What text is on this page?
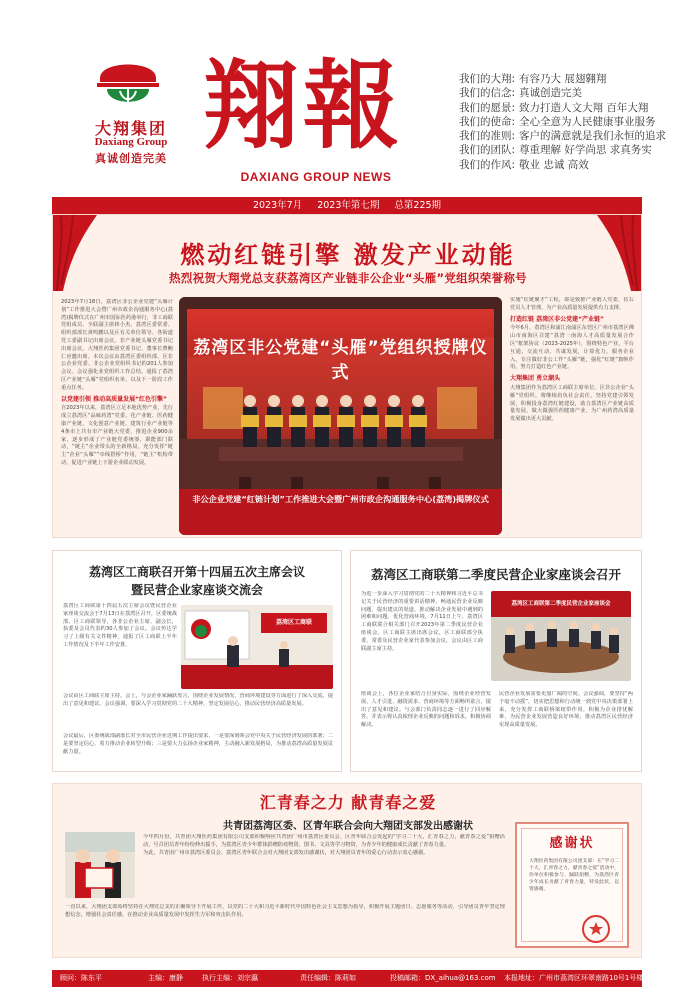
大翔集团
Daxiang Group
真诚创造完美 翔報
DAXIANG GROUP NEWS
我们的大翔: 有容乃大 展翅翱翔
我们的信念: 真诚创造完美
我们的愿景: 致力打造人文大翔 百年大翔
我们的使命: 全心全意为人民健康事业服务
我们的准则: 客户的满意就是我们永恒的追求
我们的团队: 尊重理解 好学尚思 求真务实
我们的作风: 敬业 忠诚 高效
2023年7月 2023年第七期 总第225期
燃动红链引擎 激发产业动能
热烈祝贺大翔党总支获荔湾区产业链非公企业“头雁”党组织荣誉称号
2023年7月18日，荔湾区非公企业党建“头雁计划”工作推进大会暨广州市政企沟通服务中心(荔湾)揭牌仪式在广州市国际医药港举行，非工商联党组成员、全联副主席林小杰，荔湾区委常委、组织部部长黄鸣鹏以及区有关单位领导、各街道党工委副书记出席会议。非产业链头雁党委书记出席会议。大翔医药集团党委书记、董事长曹鲍仁应邀出席。本次会议由荔湾区委组织部、区非公企业党委、非公企业党组织书记约201人参加会议。会议强化业党组织工作总结，通报了荔湾区产业链“头雁”党组织名单，以及下一阶段工作重点任务。
以党建引领 推动高质量发展“红色引擎”
自2023年以来，荔湾区立足本地优势产业，先行成立荔湾区“品味药湾”党委、化产业链、医药健康产业链、文化创意产业链、建筑行业产业链等4条市上共有市产业链大党委，推进企业900余家，逐步形成了产业链党委统筹，职能部门联动，“链主”企业带头的全新格局，充分发挥“链主”企业“头雁”“牵线搭桥”作用，“链主”机构带动，促进产业链上下游企业联动发展。
荔湾区非公党建“头雁”党组织授牌仪式
非公企业党建“红链计划”工作推进大会暨广州市政企沟通服务中心(荔湾)揭牌仪式
实施“红链聚才”工程，即是致推产业链人党委、伍右党员人才管理，为产业高质量发展提供有力支撑。
打造红链 荔湾区非公党建“产业链”
今年6月，荔湾区和浦江南浦区东莞区广州市荔湾区佛山市南海区召建“荔湾一南海人才高质量发展合作区”框架协议（2023-2025年），围绕特色产业，平台互通，交流互动，共谋发展，计算优力，服务企业入，专注做好非公工作“头雁”链，强化“红链”旗帜作用，努力打造红色产业链。
大翔集团 勇立潮头
大翔集团作为荔湾区工商联主席单位、区非公企业“头雁”党组织，将继续肩负社会责任，坚持党建引领发展，积极投身荔湾红链建设，助力荔湾区产业链高质量发展，做大做强医药健康产业，为广州药湾高质量发展做出更大贡献。
荔湾区工商联召开第十四届五次主席会议
暨民营企业家座谈交流会
荔湾区工商联第十四届五次主席会议暨民营企业家座谈交流会于7月13日在荔湾区召开，区委统战部、区工商联领导，各非公企业主席、副会长，执委及会员代表约30人参加了会议。会议传达学习了上级有关文件精神，通报了区工商联上半年工作情况及下半年工作安排。
荔湾区工商联
会议由区工商联主席主持。会上，与会企业家踊跃发言，围绕企业发展情况、营商环境建设等方面进行了深入交流，提出了意见和建议。会议强调，要深入学习贯彻党的二十大精神，坚定发展信心，推动民营经济高质量发展。
会议最后，区委统战部副部长对全市民营企业近期工作提出要求，一是要深刻领会党中央关于民营经济发展的部署；二是要坚定信心，着力推动企业转型升级；三是要大力弘扬企业家精神，主动融入新发展格局，为推动荔湾高质量发展贡献力量。
荔湾区工商联第二季度民营企业家座谈会召开
为进一步深入学习贯彻党的二十大精神和习近平总书记关于民营经济的重要讲话精神，畅通民营企业反映问题、提出建议的渠道，推动解决企业发展中遇到的困难和问题，优化营商环境，7月11日上午，荔湾区工商联联合相关部门召开2023年第二季度民营企业座谈会。区工商联主席出席会议，区工商联部分执委、常委及民营企业家代表参加会议，会议由区工商联副主席主持。
荔湾区工商联第二季度民营企业家座谈会
座谈会上，各位企业家结合自身实际，围绕企业经营发展、人才引进、融资需求、营商环境等方面畅所欲言，提出了意见和建议。与会部门负责同志逐一进行了回应解答，并表示将认真梳理企业反映的问题和诉求，积极协调解决。
民营企业发展需要更加广阔的空间。会议强调，要坚持“两个毫不动摇”，切实把思想和行动统一到党中央决策部署上来，充分发挥工商联桥梁纽带作用，积极为企业排忧解难，为民营企业发展营造良好环境，推动荔湾区民营经济实现高质量发展。
汇青春之力 献青春之爱
共青团荔湾区委、区青年联合会向大翔团支部发出感谢状
今年四月份，共青团大翔医药集团有限公司支部积极响应共青团广州市荔湾区委员会、区青年联合会发起的“学习二十大，汇青春之力，献青春之爱”捐赠活动，号召团员青年纷纷伸出援手，为荔湾区青少年群体捐赠防疫物资、图书、文具等学习物资，为青少年的健康成长贡献了青春力量。
为此，共青团广州市荔湾区委员会、荔湾区青年联合会对大翔团支部发出感谢状，对大翔团员青年的爱心行动表示衷心感谢。
一直以来，大翔团支部始终坚持在大翔党总支的正确领导下开展工作，以党的二十大和习近平新时代中国特色社会主义思想为指导，积极开展主题团日、志愿服务等活动，引导团员青年坚定理想信念，增强社会责任感，在推动企业高质量发展中发挥生力军和突击队作用。
感谢状
大翔医药集团有限公司团支部：在“学习二十大，汇青春之力，献青春之爱”活动中，你单位积极参与、踊跃捐赠，为荔湾区青少年成长贡献了青春力量，特发此状，以资感谢。
顾问：陈东平	主编：康静	执行主编：刘宗瀛	责任编辑：陈莉如	投稿邮箱：DX_aihua@163.com 本报地址：广州市荔湾区环翠南路10号1号楼
